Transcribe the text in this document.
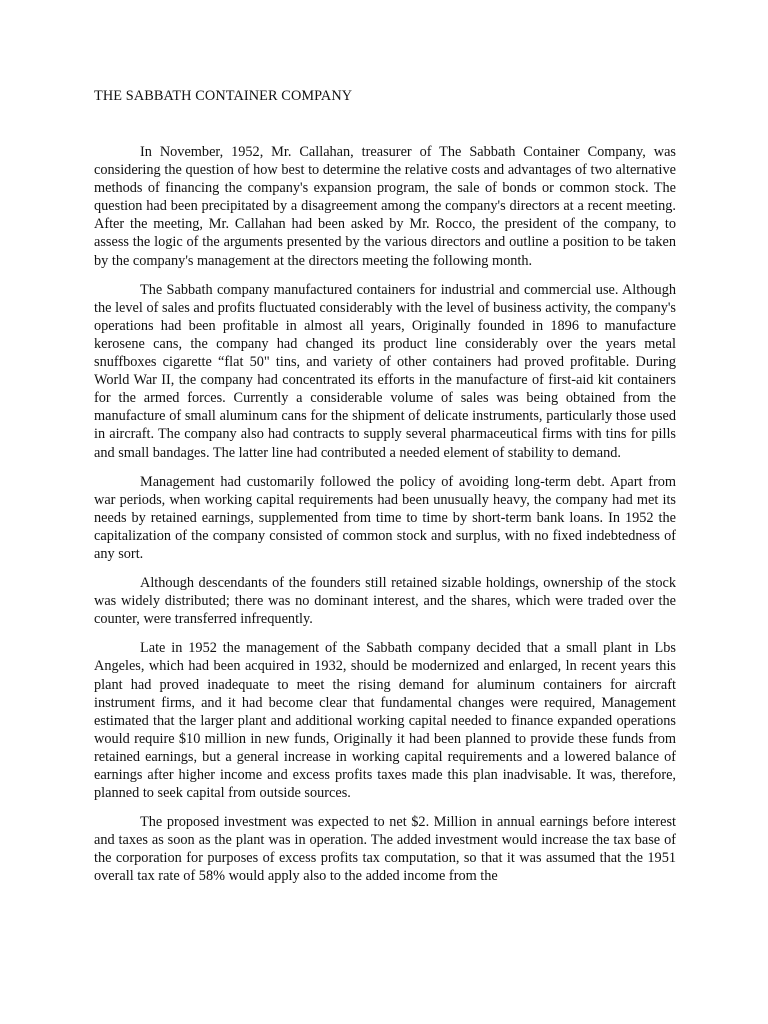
THE SABBATH CONTAINER COMPANY

In November, 1952, Mr. Callahan, treasurer of The Sabbath Container Company, was considering the question of how best to determine the relative costs and advantages of two alternative methods of financing the company's expansion program, the sale of bonds or common stock. The question had been precipitated by a disagreement among the company's directors at a recent meeting. After the meeting, Mr. Callahan had been asked by Mr. Rocco, the president of the company, to assess the logic of the arguments presented by the various directors and outline a position to be taken by the company's management at the directors meeting the following month.

The Sabbath company manufactured containers for industrial and commercial use. Although the level of sales and profits fluctuated considerably with the level of business activity, the company's operations had been profitable in almost all years, Originally founded in 1896 to manufacture kerosene cans, the company had changed its product line considerably over the years metal snuffboxes cigarette “flat 50" tins, and variety of other containers had proved profitable. During World War II, the company had concentrated its efforts in the manufacture of first-aid kit containers for the armed forces. Currently a considerable volume of sales was being obtained from the manufacture of small aluminum cans for the shipment of delicate instruments, particularly those used in aircraft. The company also had contracts to supply several pharmaceutical firms with tins for pills and small bandages. The latter line had contributed a needed element of stability to demand.

Management had customarily followed the policy of avoiding long-term debt. Apart from war periods, when working capital requirements had been unusually heavy, the company had met its needs by retained earnings, supplemented from time to time by short-term bank loans. In 1952 the capitalization of the company consisted of common stock and surplus, with no fixed indebtedness of any sort.

Although descendants of the founders still retained sizable holdings, ownership of the stock was widely distributed; there was no dominant interest, and the shares, which were traded over the counter, were transferred infrequently.

Late in 1952 the management of the Sabbath company decided that a small plant in Lbs Angeles, which had been acquired in 1932, should be modernized and enlarged, ln recent years this plant had proved inadequate to meet the rising demand for aluminum containers for aircraft instrument firms, and it had become clear that fundamental changes were required, Management estimated that the larger plant and additional working capital needed to finance expanded operations would require $10 million in new funds, Originally it had been planned to provide these funds from retained earnings, but a general increase in working capital requirements and a lowered balance of earnings after higher income and excess profits taxes made this plan inadvisable. It was, therefore, planned to seek capital from outside sources.

The proposed investment was expected to net $2. Million in annual earnings before interest and taxes as soon as the plant was in operation. The added investment would increase the tax base of the corporation for purposes of excess profits tax computation, so that it was assumed that the 1951 overall tax rate of 58% would apply also to the added income from the
